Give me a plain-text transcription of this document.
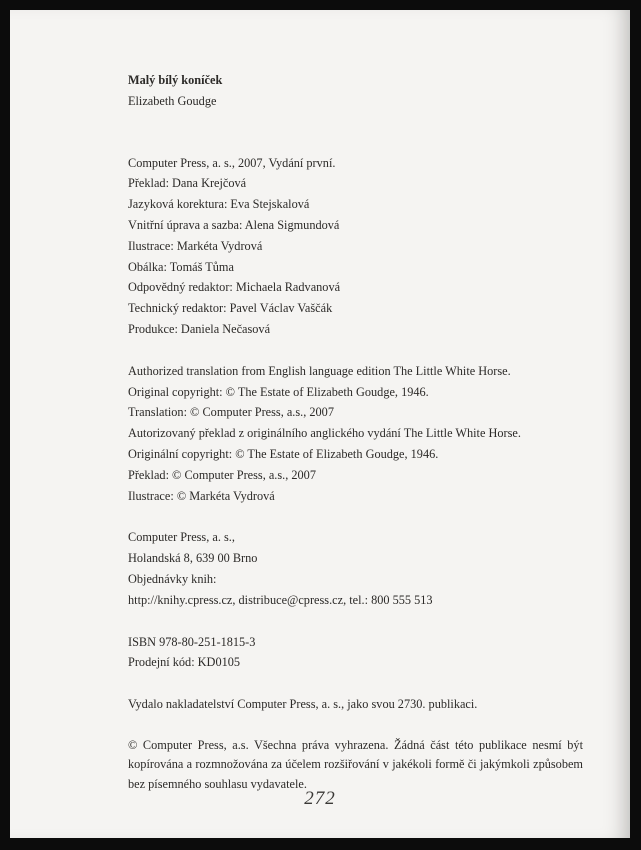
Malý bílý koníček
Elizabeth Goudge
Computer Press, a. s., 2007, Vydání první.
Překlad: Dana Krejčová
Jazyková korektura: Eva Stejskalová
Vnitřní úprava a sazba: Alena Sigmundová
Ilustrace: Markéta Vydrová
Obálka: Tomáš Tůma
Odpovědný redaktor: Michaela Radvanová
Technický redaktor: Pavel Václav Vaščák
Produkce: Daniela Nečasová
Authorized translation from English language edition The Little White Horse.
Original copyright: © The Estate of Elizabeth Goudge, 1946.
Translation: © Computer Press, a.s., 2007
Autorizovaný překlad z originálního anglického vydání The Little White Horse.
Originální copyright: © The Estate of Elizabeth Goudge, 1946.
Překlad: © Computer Press, a.s., 2007
Ilustrace: © Markéta Vydrová
Computer Press, a. s.,
Holandská 8, 639 00 Brno
Objednávky knih:
http://knihy.cpress.cz, distribuce@cpress.cz, tel.: 800 555 513
ISBN 978-80-251-1815-3
Prodejní kód: KD0105
Vydalo nakladatelství Computer Press, a. s., jako svou 2730. publikaci.
© Computer Press, a.s. Všechna práva vyhrazena. Žádná část této publikace nesmí být kopírována a rozmnožována za účelem rozšiřování v jakékoli formě či jakýmkoli způsobem bez písemného souhlasu vydavatele.
272
